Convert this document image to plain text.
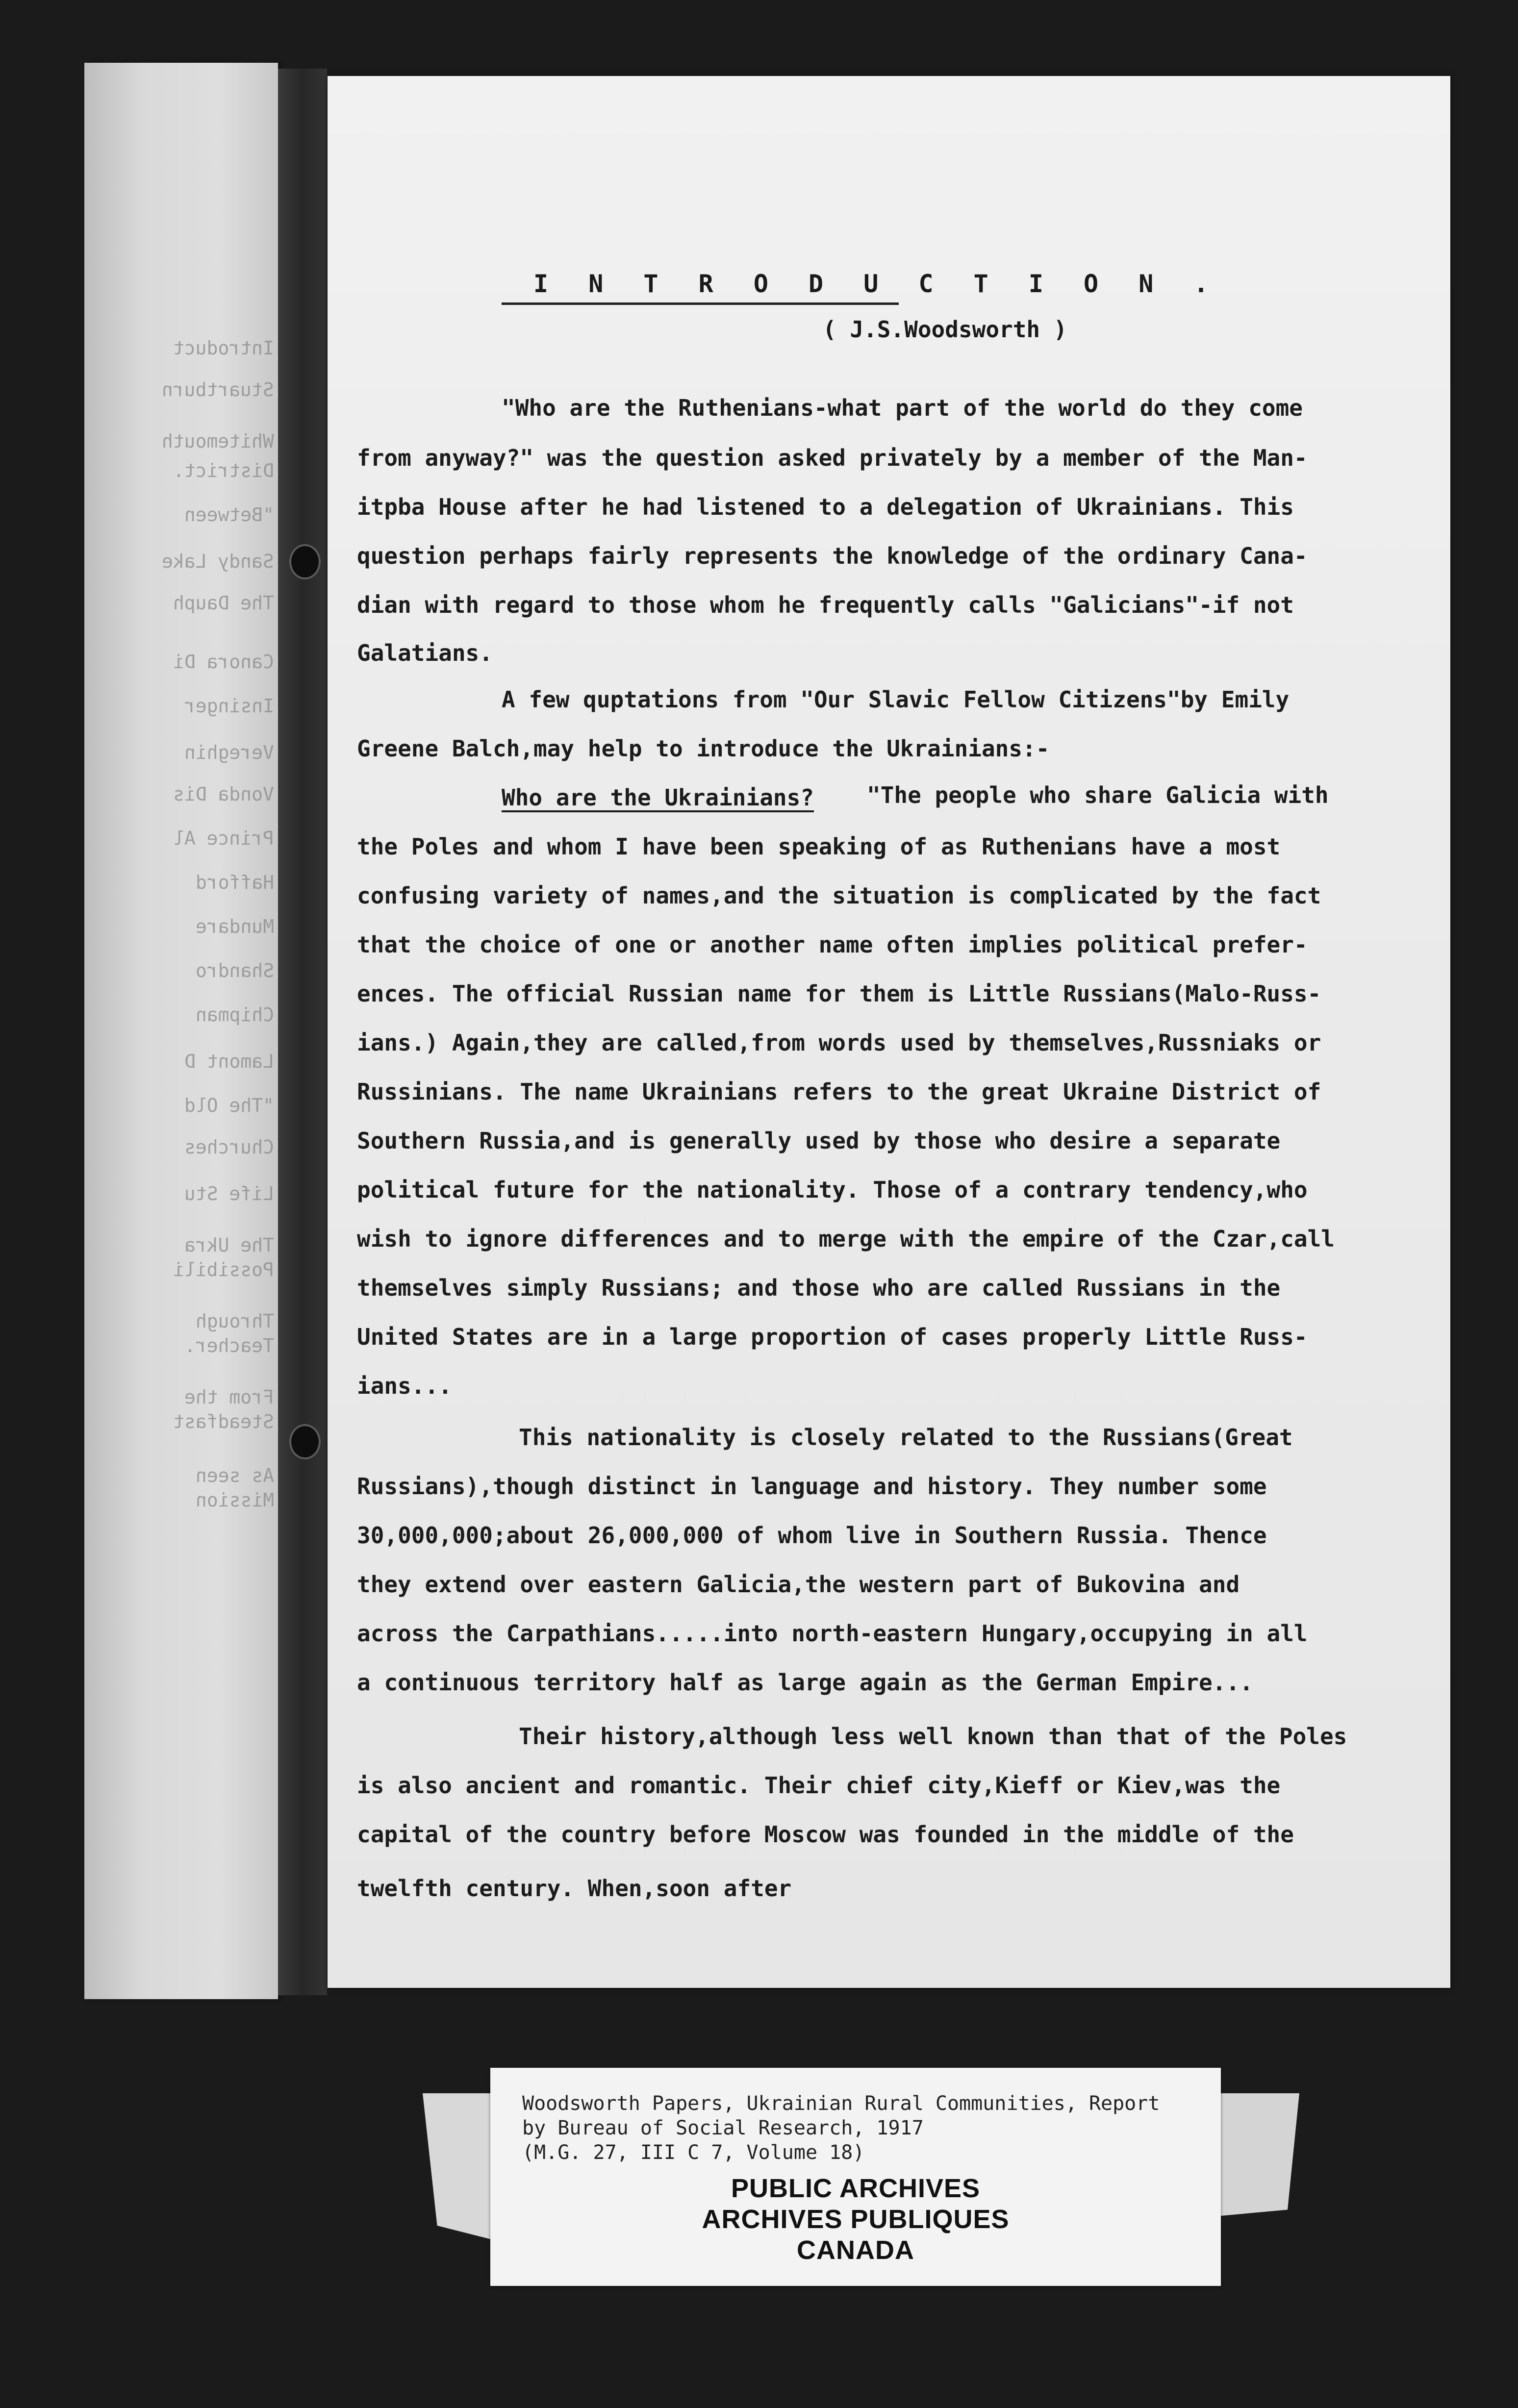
Introduct
Stuartburn
Whitemouth
District.
"Between
Sandy Lake
The Dauph
Canora Di
Insinger
Vereghin
Vonda Dis
Prince Al
Hafford
Mundare
Shandro
Chipman
Lamont D
"The Old
Churches
Life Stu
The Ukra
Possibili
Through
Teacher.
From the
Steadfast
As seen
Mission
I N T R O D U C T I O N .
( J.S.Woodsworth )
"Who are the Ruthenians-what part of the world do they come
from anyway?" was the question asked privately by a member of the Man-
itpba House after he had listened to a delegation of Ukrainians. This
question perhaps fairly represents the knowledge of the ordinary Cana-
dian with regard to those whom he frequently calls "Galicians"-if not
Galatians.
A few quptations from "Our Slavic Fellow Citizens"by Emily
Greene Balch,may help to introduce the Ukrainians:-
Who are the Ukrainians? "The people who share Galicia with
the Poles and whom I have been speaking of as Ruthenians have a most
confusing variety of names,and the situation is complicated by the fact
that the choice of one or another name often implies political prefer-
ences. The official Russian name for them is Little Russians(Malo-Russ-
ians.) Again,they are called,from words used by themselves,Russniaks or
Russinians. The name Ukrainians refers to the great Ukraine District of
Southern Russia,and is generally used by those who desire a separate
political future for the nationality. Those of a contrary tendency,who
wish to ignore differences and to merge with the empire of the Czar,call
themselves simply Russians; and those who are called Russians in the
United States are in a large proportion of cases properly Little Russ-
ians...
This nationality is closely related to the Russians(Great
Russians),though distinct in language and history. They number some
30,000,000;about 26,000,000 of whom live in Southern Russia. Thence
they extend over eastern Galicia,the western part of Bukovina and
across the Carpathians.....into north-eastern Hungary,occupying in all
a continuous territory half as large again as the German Empire...
Their history,although less well known than that of the Poles
is also ancient and romantic. Their chief city,Kieff or Kiev,was the
capital of the country before Moscow was founded in the middle of the
twelfth century. When,soon after
Woodsworth Papers, Ukrainian Rural Communities, Report
by Bureau of Social Research, 1917
(M.G. 27, III C 7, Volume 18)
PUBLIC ARCHIVES
ARCHIVES PUBLIQUES
CANADA
